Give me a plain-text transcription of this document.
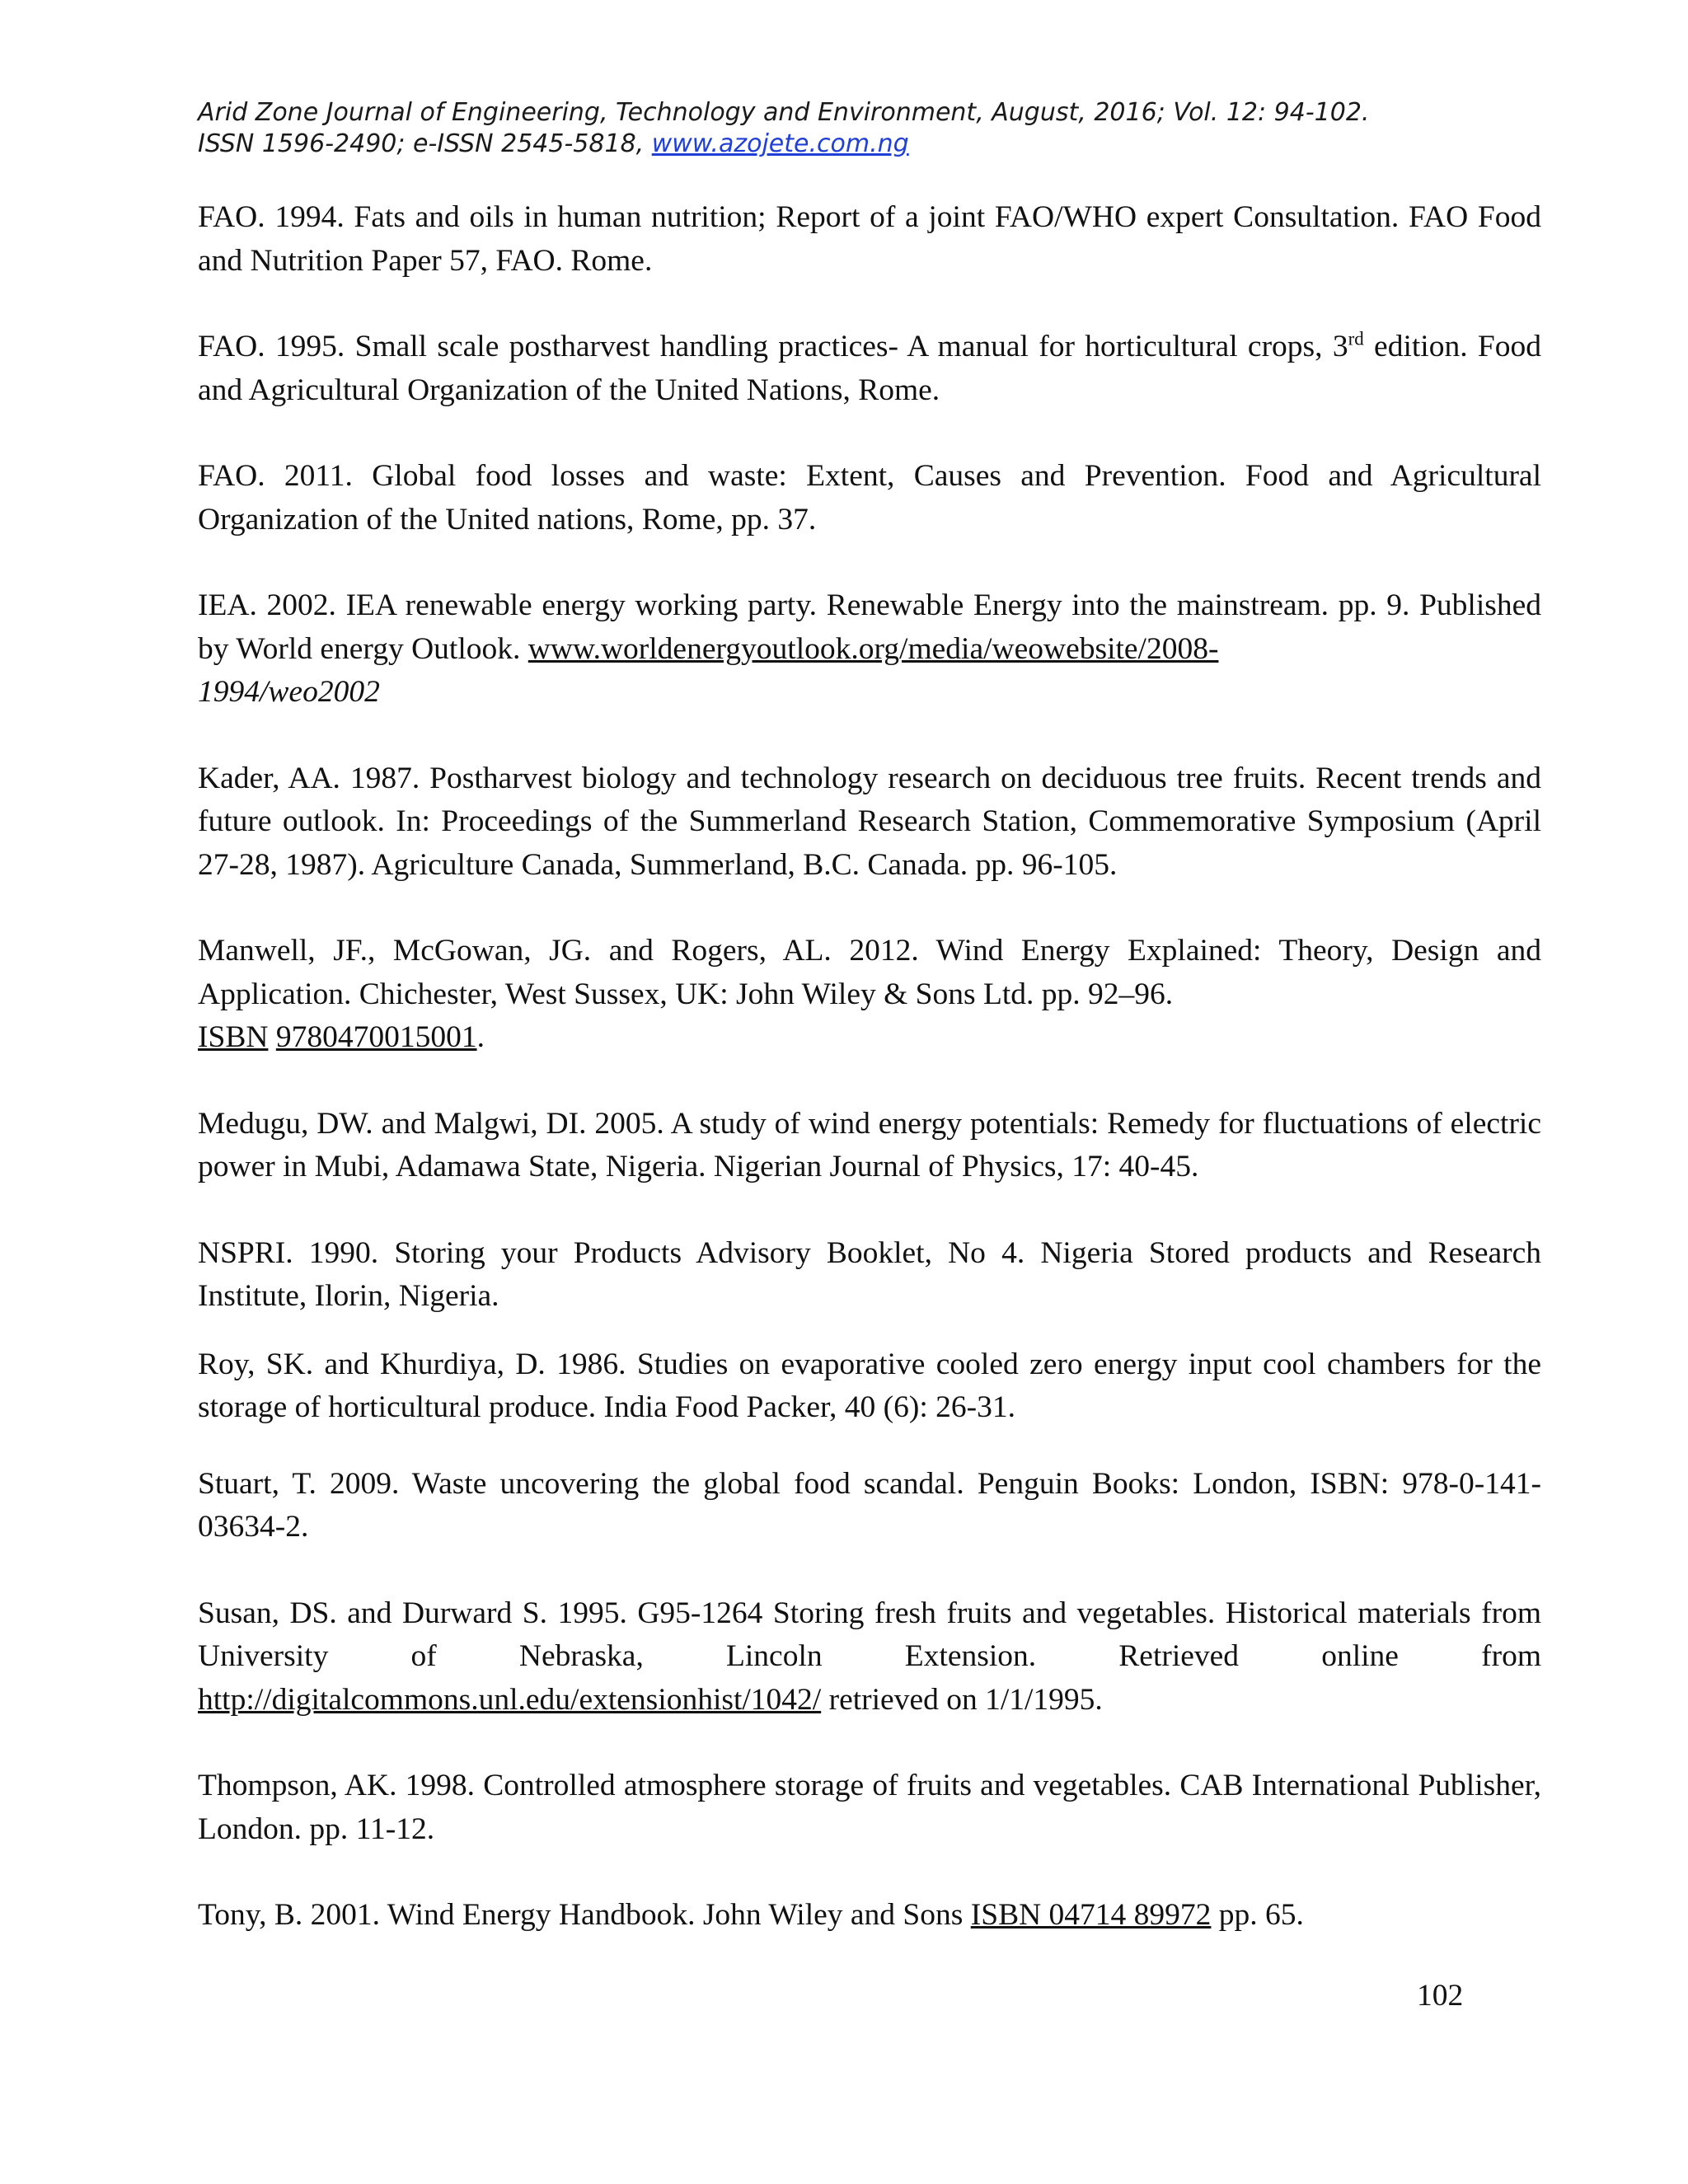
Arid Zone Journal of Engineering, Technology and Environment, August, 2016; Vol. 12: 94-102.
ISSN 1596-2490; e-ISSN 2545-5818, www.azojete.com.ng

FAO. 1994. Fats and oils in human nutrition; Report of a joint FAO/WHO expert Consultation. FAO Food and Nutrition Paper 57, FAO. Rome.

FAO. 1995. Small scale postharvest handling practices- A manual for horticultural crops, 3rd edition. Food and Agricultural Organization of the United Nations, Rome.

FAO. 2011. Global food losses and waste: Extent, Causes and Prevention. Food and Agricultural Organization of the United nations, Rome, pp. 37.

IEA. 2002. IEA renewable energy working party. Renewable Energy into the mainstream. pp. 9. Published by World energy Outlook. www.worldenergyoutlook.org/media/weowebsite/2008-
1994/weo2002

Kader, AA. 1987. Postharvest biology and technology research on deciduous tree fruits. Recent trends and future outlook. In: Proceedings of the Summerland Research Station, Commemorative Symposium (April 27-28, 1987). Agriculture Canada, Summerland, B.C. Canada. pp. 96-105.

Manwell, JF., McGowan, JG. and Rogers, AL. 2012. Wind Energy Explained: Theory, Design and Application. Chichester, West Sussex, UK: John Wiley & Sons Ltd. pp. 92–96.
ISBN 9780470015001.

Medugu, DW. and Malgwi, DI. 2005. A study of wind energy potentials: Remedy for fluctuations of electric power in Mubi, Adamawa State, Nigeria. Nigerian Journal of Physics, 17: 40-45.

NSPRI. 1990. Storing your Products Advisory Booklet, No 4. Nigeria Stored products and Research Institute, Ilorin, Nigeria.

Roy, SK. and Khurdiya, D. 1986. Studies on evaporative cooled zero energy input cool chambers for the storage of horticultural produce. India Food Packer, 40 (6): 26-31.

Stuart, T. 2009. Waste uncovering the global food scandal. Penguin Books: London, ISBN: 978-0-141-03634-2.

Susan, DS. and Durward S. 1995. G95-1264 Storing fresh fruits and vegetables. Historical materials from University of Nebraska, Lincoln Extension. Retrieved online from http://digitalcommons.unl.edu/extensionhist/1042/ retrieved on 1/1/1995.

Thompson, AK. 1998. Controlled atmosphere storage of fruits and vegetables. CAB International Publisher, London. pp. 11-12.

Tony, B. 2001. Wind Energy Handbook. John Wiley and Sons ISBN 04714 89972 pp. 65.

102
